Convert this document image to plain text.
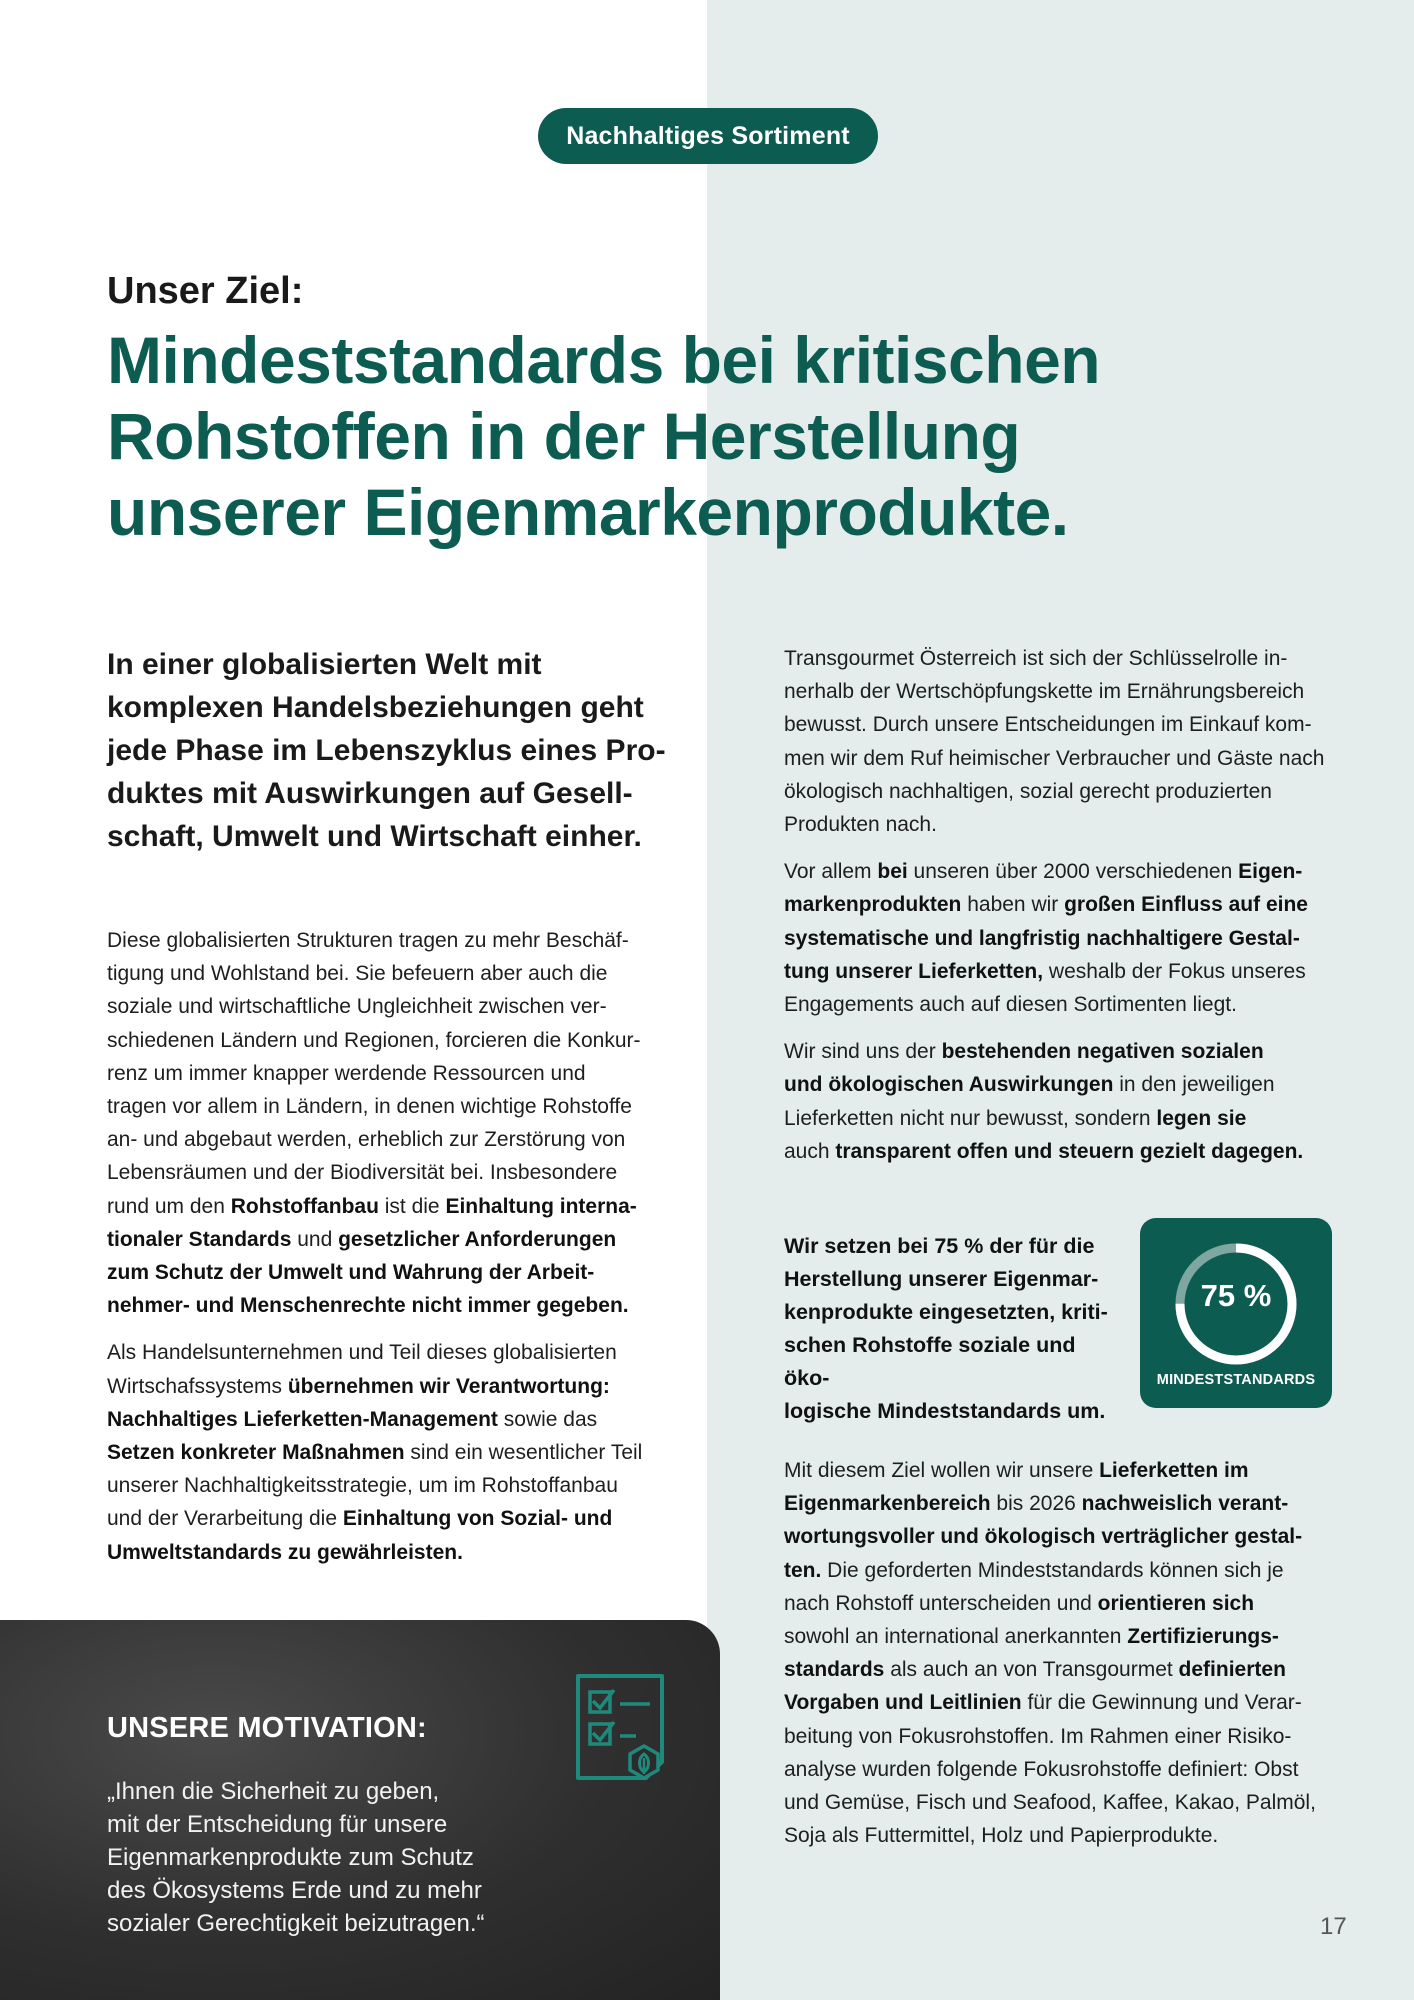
Nachhaltiges Sortiment
Unser Ziel:
Mindeststandards bei kritischen
Rohstoffen in der Herstellung
unserer Eigenmarkenprodukte.

In einer globalisierten Welt mit
komplexen Handelsbeziehungen geht
jede Phase im Lebenszyklus eines Pro-
duktes mit Auswirkungen auf Gesell-
schaft, Umwelt und Wirtschaft einher.

Diese globalisierten Strukturen tragen zu mehr Beschäf-
tigung und Wohlstand bei. Sie befeuern aber auch die
soziale und wirtschaftliche Ungleichheit zwischen ver-
schiedenen Ländern und Regionen, forcieren die Konkur-
renz um immer knapper werdende Ressourcen und
tragen vor allem in Ländern, in denen wichtige Rohstoffe
an- und abgebaut werden, erheblich zur Zerstörung von
Lebensräumen und der Biodiversität bei. Insbesondere
rund um den Rohstoffanbau ist die Einhaltung interna-
tionaler Standards und gesetzlicher Anforderungen
zum Schutz der Umwelt und Wahrung der Arbeit-
nehmer- und Menschenrechte nicht immer gegeben.

Als Handelsunternehmen und Teil dieses globalisierten
Wirtschafssystems übernehmen wir Verantwortung:
Nachhaltiges Lieferketten-Management sowie das
Setzen konkreter Maßnahmen sind ein wesentlicher Teil
unserer Nachhaltigkeitsstrategie, um im Rohstoffanbau
und der Verarbeitung die Einhaltung von Sozial- und
Umweltstandards zu gewährleisten.

Transgourmet Österreich ist sich der Schlüsselrolle in-
nerhalb der Wertschöpfungskette im Ernährungsbereich
bewusst. Durch unsere Entscheidungen im Einkauf kom-
men wir dem Ruf heimischer Verbraucher und Gäste nach
ökologisch nachhaltigen, sozial gerecht produzierten
Produkten nach.

Vor allem bei unseren über 2000 verschiedenen Eigen-
markenprodukten haben wir großen Einfluss auf eine
systematische und langfristig nachhaltigere Gestal-
tung unserer Lieferketten, weshalb der Fokus unseres
Engagements auch auf diesen Sortimenten liegt.

Wir sind uns der bestehenden negativen sozialen
und ökologischen Auswirkungen in den jeweiligen
Lieferketten nicht nur bewusst, sondern legen sie
auch transparent offen und steuern gezielt dagegen.

Wir setzen bei 75 % der für die
Herstellung unserer Eigenmar-
kenprodukte eingesetzten, kriti-
schen Rohstoffe soziale und öko-
logische Mindeststandards um.

75 %
MINDESTSTANDARDS

Mit diesem Ziel wollen wir unsere Lieferketten im
Eigenmarkenbereich bis 2026 nachweislich verant-
wortungsvoller und ökologisch verträglicher gestal-
ten. Die geforderten Mindeststandards können sich je
nach Rohstoff unterscheiden und orientieren sich
sowohl an international anerkannten Zertifizierungs-
standards als auch an von Transgourmet definierten
Vorgaben und Leitlinien für die Gewinnung und Verar-
beitung von Fokusrohstoffen. Im Rahmen einer Risiko-
analyse wurden folgende Fokusrohstoffe definiert: Obst
und Gemüse, Fisch und Seafood, Kaffee, Kakao, Palmöl,
Soja als Futtermittel, Holz und Papierprodukte.

UNSERE MOTIVATION:

„Ihnen die Sicherheit zu geben,
mit der Entscheidung für unsere
Eigenmarkenprodukte zum Schutz
des Ökosystems Erde und zu mehr
sozialer Gerechtigkeit beizutragen.“	17
